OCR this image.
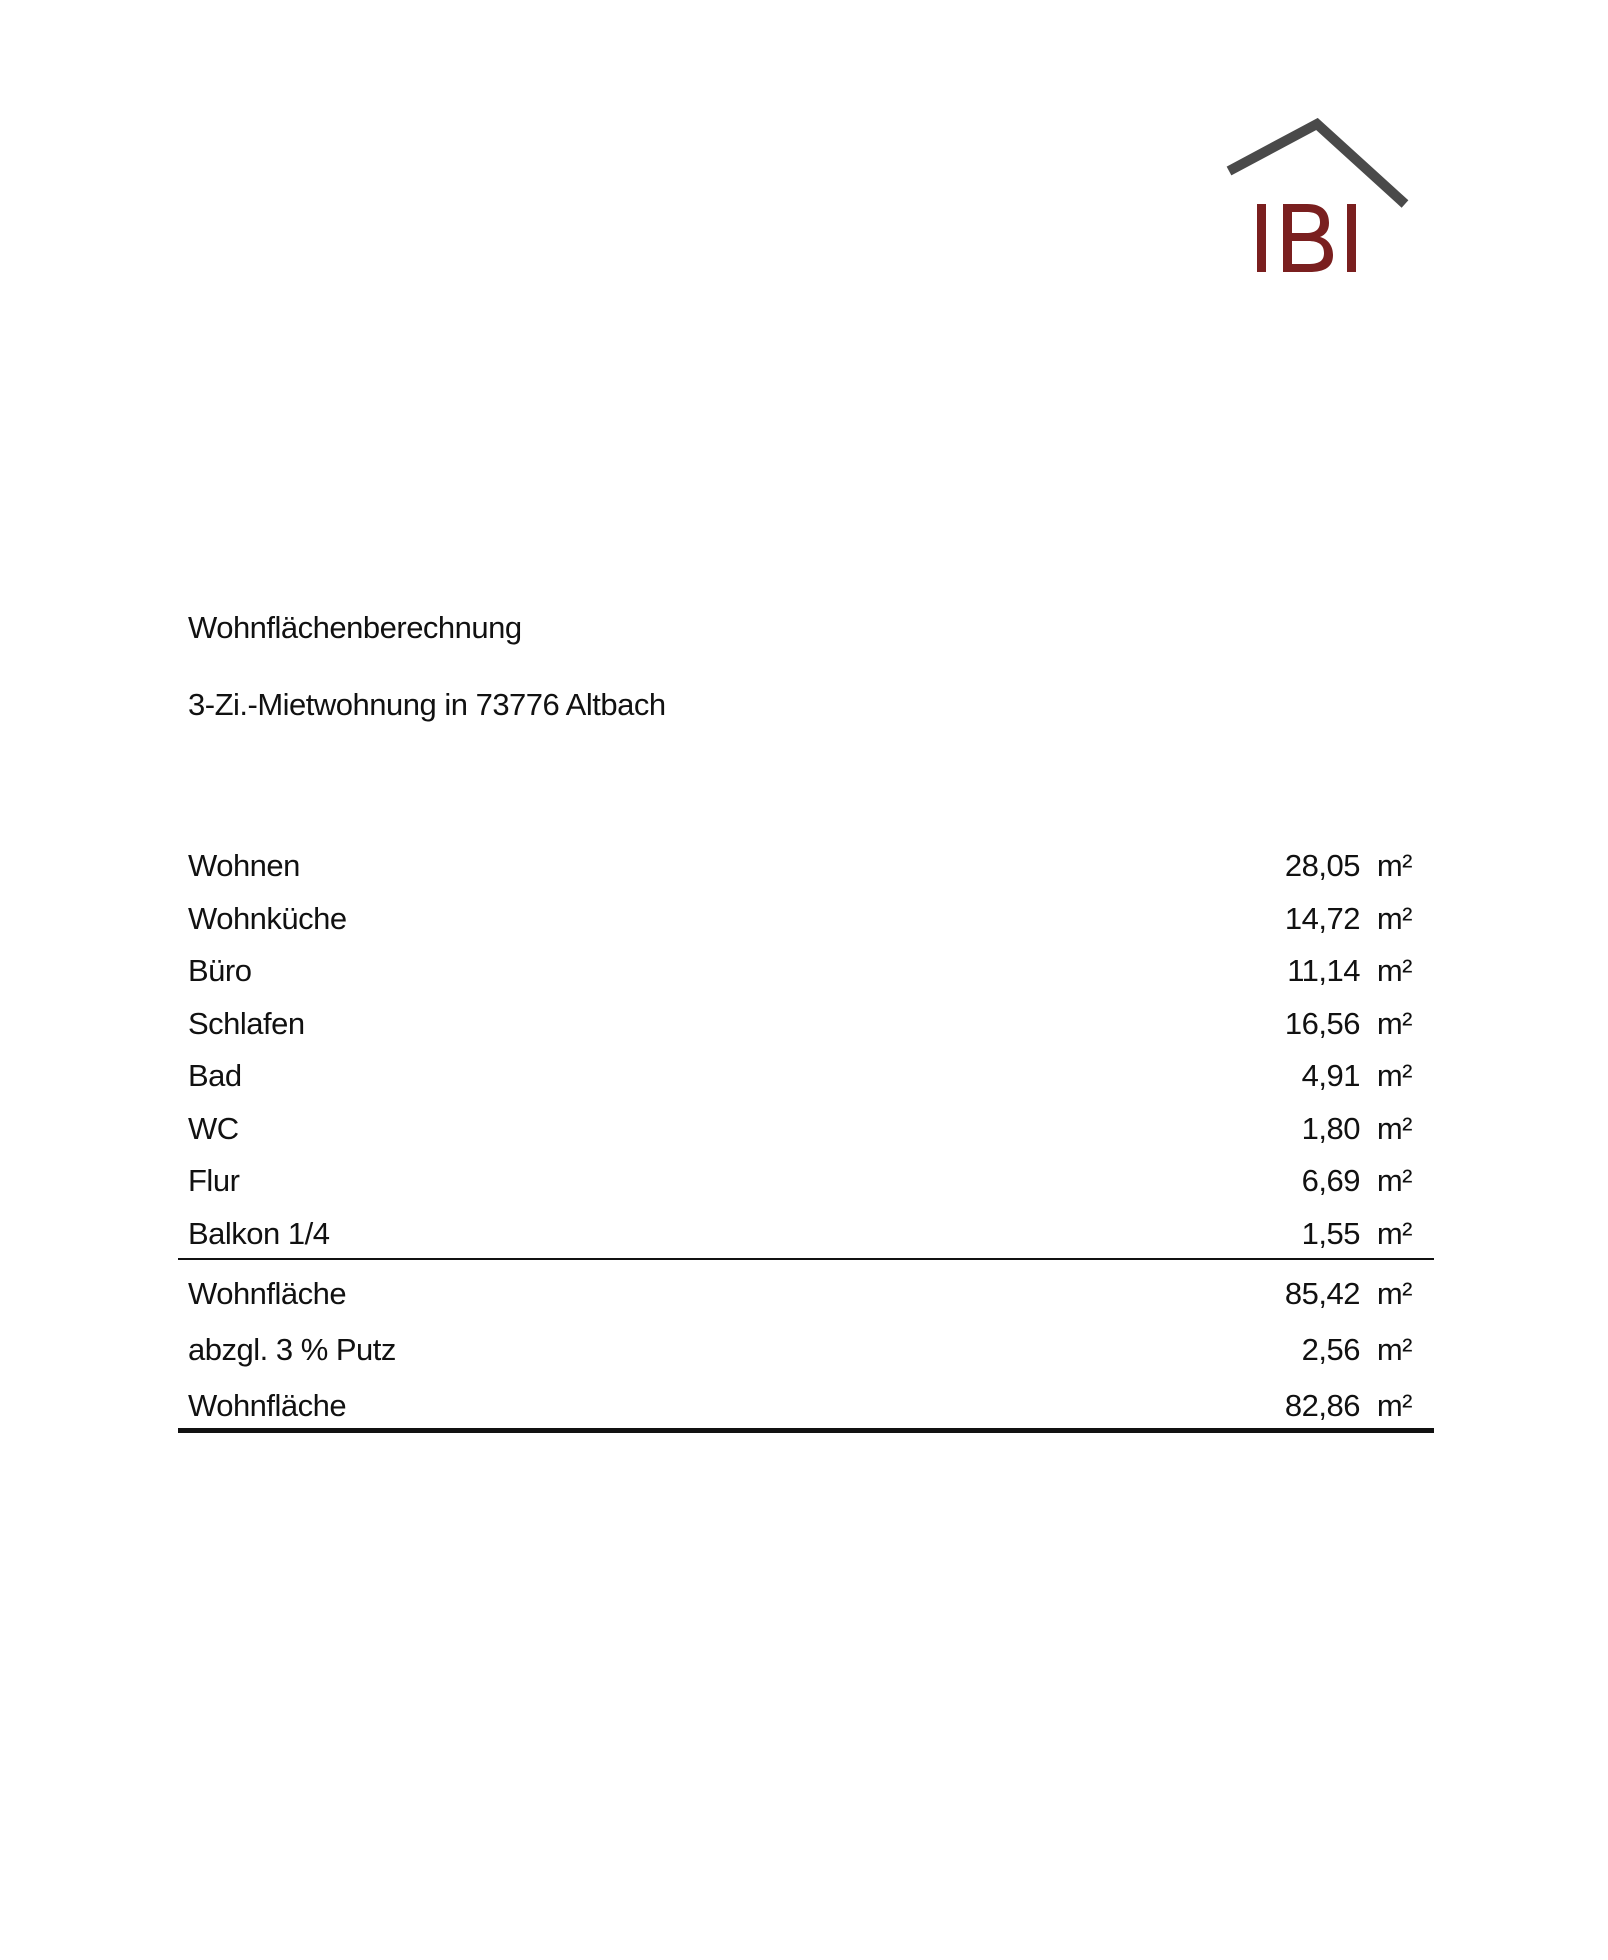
Wohnflächenberechnung
3-Zi.-Mietwohnung in 73776 Altbach
Wohnen	28,05 m²
Wohnküche	14,72 m²
Büro	11,14 m²
Schlafen	16,56 m²
Bad	4,91 m²
WC	1,80 m²
Flur	6,69 m²
Balkon 1/4	1,55 m²
Wohnfläche	85,42 m²
abzgl. 3 % Putz	2,56 m²
Wohnfläche	82,86 m²
